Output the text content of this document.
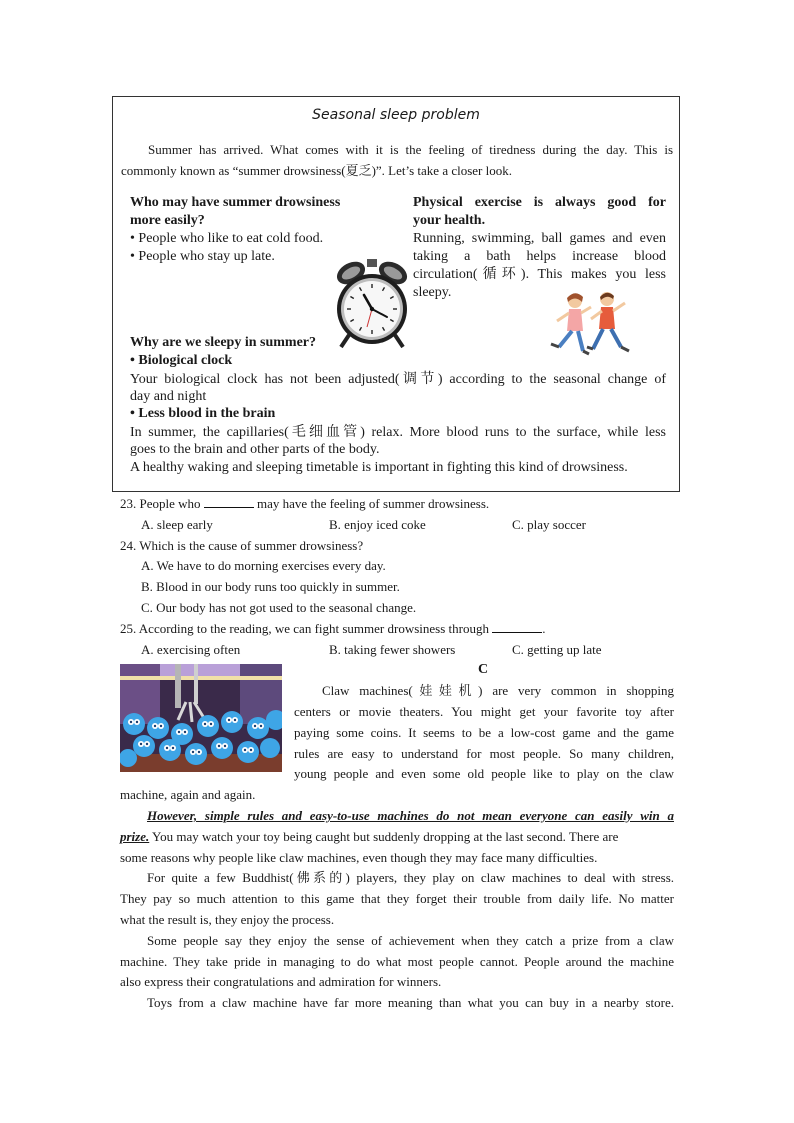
Seasonal sleep problem
Summer has arrived. What comes with it is the feeling of tiredness during the day. This is
commonly known as “summer drowsiness(夏乏)”. Let’s take a closer look.
Who may have summer drowsiness
more easily?
• People who like to eat cold food.
• People who stay up late.
Physical exercise is always good for
your health.
Running, swimming, ball games and even
taking a bath helps increase blood
circulation(循环). This makes you less
sleepy.
Why are we sleepy in summer?
• Biological clock
Your biological clock has not been adjusted(调节) according to the seasonal change of
day and night
• Less blood in the brain
In summer, the capillaries(毛细血管) relax. More blood runs to the surface, while less
goes to the brain and other parts of the body.
A healthy waking and sleeping timetable is important in fighting this kind of drowsiness.
23. People who	may have the feeling of summer drowsiness.
A. sleep early	B. enjoy iced coke	C. play soccer
24. Which is the cause of summer drowsiness?
A. We have to do morning exercises every day.
B. Blood in our body runs too quickly in summer.
C. Our body has not got used to the seasonal change.
25. According to the reading, we can fight summer drowsiness through	.
A. exercising often	B. taking fewer showers	C. getting up late
C
Claw machines(娃娃机) are very common in shopping
centers or movie theaters. You might get your favorite toy after
paying some coins. It seems to be a low-cost game and the game
rules are easy to understand for most people. So many children,
young people and even some old people like to play on the claw
machine, again and again.
However, simple rules and easy-to-use machines do not mean everyone can easily win a
prize. You may watch your toy being caught but suddenly dropping at the last second. There are
some reasons why people like claw machines, even though they may face many difficulties.
For quite a few Buddhist(佛系的) players, they play on claw machines to deal with stress.
They pay so much attention to this game that they forget their trouble from daily life. No matter
what the result is, they enjoy the process.
Some people say they enjoy the sense of achievement when they catch a prize from a claw
machine. They take pride in managing to do what most people cannot. People around the machine
also express their congratulations and admiration for winners.
Toys from a claw machine have far more meaning than what you can buy in a nearby store.
